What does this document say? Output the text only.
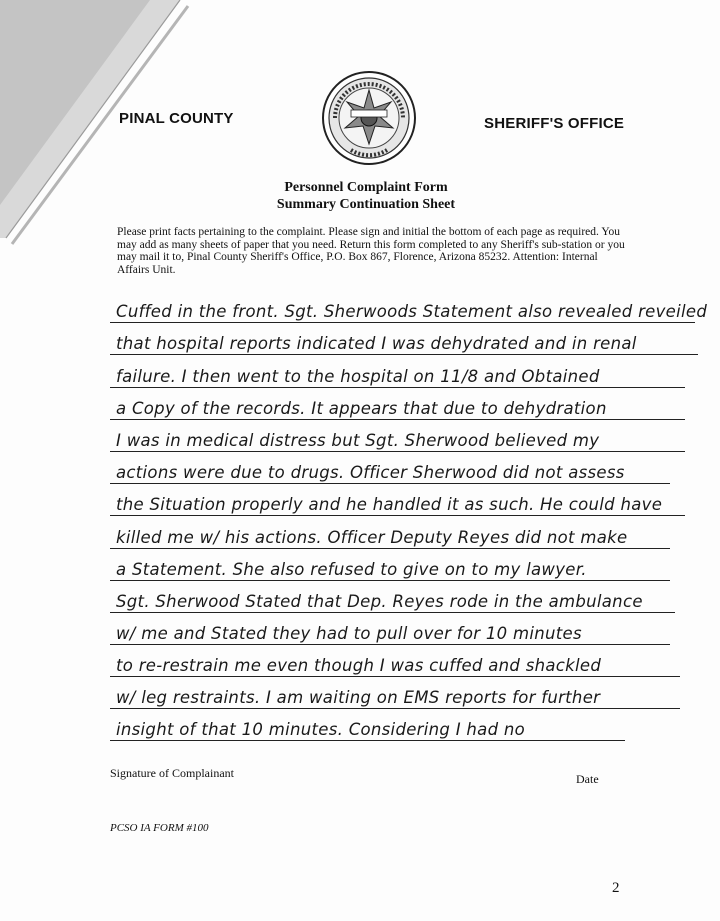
PINAL COUNTY	SHERIFF'S OFFICE
Personnel Complaint Form
Summary Continuation Sheet
Please print facts pertaining to the complaint. Please sign and initial the bottom of each page as required. You may add as many sheets of paper that you need. Return this form completed to any Sheriff's sub-station or you may mail it to, Pinal County Sheriff's Office, P.O. Box 867, Florence, Arizona 85232. Attention: Internal Affairs Unit.
Cuffed in the front. Sgt. Sherwoods Statement also revealed reveiled
that hospital reports indicated I was dehydrated and in renal
failure. I then went to the hospital on 11/8 and Obtained
a Copy of the records. It appears that due to dehydration
I was in medical distress but Sgt. Sherwood believed my
actions were due to drugs. Officer Sherwood did not assess
the Situation properly and he handled it as such. He could have
killed me w/ his actions. Officer Deputy Reyes did not make
a Statement. She also refused to give on to my lawyer.
Sgt. Sherwood Stated that Dep. Reyes rode in the ambulance
w/ me and Stated they had to pull over for 10 minutes
to re-restrain me even though I was cuffed and shackled
w/ leg restraints. I am waiting on EMS reports for further
insight of that 10 minutes. Considering I had no
Signature of Complainant	Date
PCSO IA FORM #100
2
